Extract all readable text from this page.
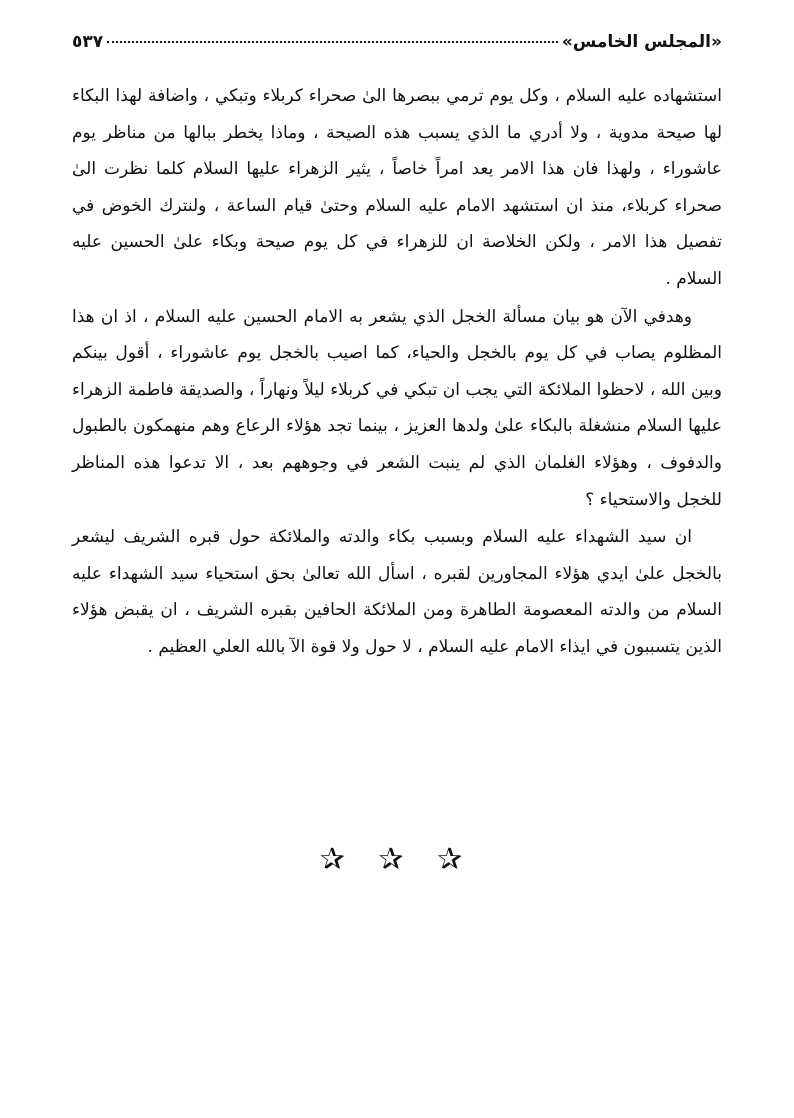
«المجلس الخامس»
٥٣٧

استشهاده عليه السلام ، وكل يوم ترمي ببصرها الىٰ صحراء كربلاء وتبكي ، واضافة لهذا البكاء لها صيحة مدوية ، ولا أدري ما الذي يسبب هذه الصيحة ، وماذا يخطر ببالها من مناظر يوم عاشوراء ، ولهذا فان هذا الامر يعد امراً خاصاً ، يثير الزهراء عليها السلام كلما نظرت الىٰ صحراء كربلاء، منذ ان استشهد الامام عليه السلام وحتىٰ قيام الساعة ، ولنترك الخوض في تفصيل هذا الامر ، ولكن الخلاصة ان للزهراء في كل يوم صيحة وبكاء علىٰ الحسين عليه السلام .

وهدفي الآن هو بيان مسألة الخجل الذي يشعر به الامام الحسين عليه السلام ، اذ ان هذا المظلوم يصاب في كل يوم بالخجل والحياء، كما اصيب بالخجل يوم عاشوراء ، أقول بينكم وبين الله ، لاحظوا الملائكة التي يجب ان تبكي في كربلاء ليلاً ونهاراً ، والصديقة فاطمة الزهراء عليها السلام منشغلة بالبكاء علىٰ ولدها العزيز ، بينما تجد هؤلاء الرعاع وهم منهمكون بالطبول والدفوف ، وهؤلاء الغلمان الذي لم ينبت الشعر في وجوههم بعد ، الا تدعوا هذه المناظر للخجل والاستحياء ؟

ان سيد الشهداء عليه السلام وبسبب بكاء والدته والملائكة حول قبره الشريف ليشعر بالخجل علىٰ ايدي هؤلاء المجاورين لقبره ، اسأل الله تعالىٰ بحق استحياء سيد الشهداء عليه السلام من والدته المعصومة الطاهرة ومن الملائكة الحافين بقبره الشريف ، ان يقبض هؤلاء الذين يتسببون في ايذاء الامام عليه السلام ، لا حول ولا قوة الآ بالله العلي العظيم .

✰ ✰ ✰
